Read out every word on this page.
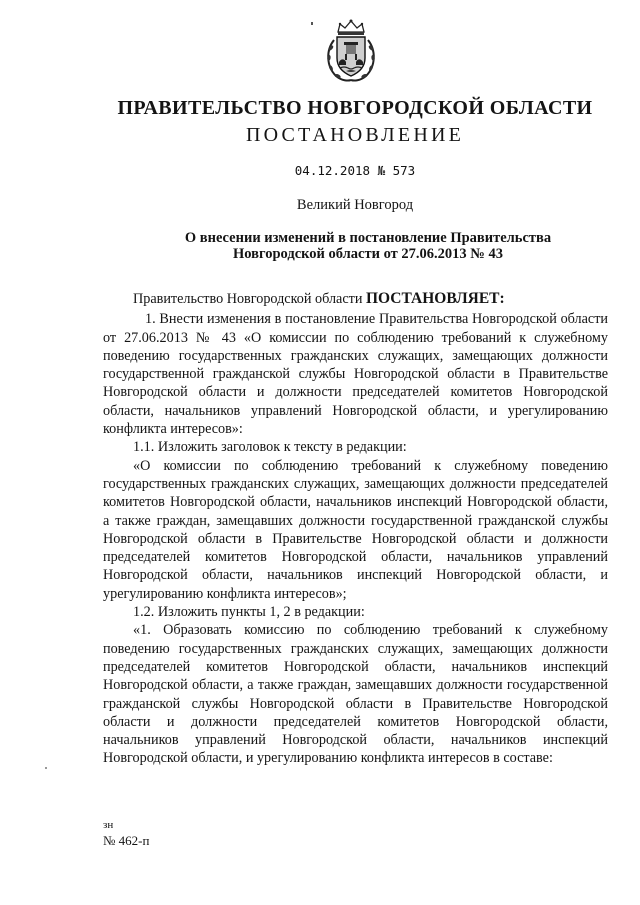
ПРАВИТЕЛЬСТВО НОВГОРОДСКОЙ ОБЛАСТИ
ПОСТАНОВЛЕНИЕ
04.12.2018 № 573
Великий Новгород
О внесении изменений в постановление Правительства
Новгородской области от 27.06.2013 № 43

Правительство Новгородской области ПОСТАНОВЛЯЕТ:

1. Внести изменения в постановление Правительства Новгородской области от 27.06.2013 № 43 «О комиссии по соблюдению требований к служебному поведению государственных гражданских служащих, замещающих должности государственной гражданской службы Новгородской области в Правительстве Новгородской области и должности председателей комитетов Новгородской области, начальников управлений Новгородской области, и урегулированию конфликта интересов»:

1.1. Изложить заголовок к тексту в редакции:

«О комиссии по соблюдению требований к служебному поведению государственных гражданских служащих, замещающих должности председателей комитетов Новгородской области, начальников инспекций Новгородской области, а также граждан, замещавших должности государственной гражданской службы Новгородской области в Правительстве Новгородской области и должности председателей комитетов Новгородской области, начальников управлений Новгородской области, начальников инспекций Новгородской области, и урегулированию конфликта интересов»;

1.2. Изложить пункты 1, 2 в редакции:

«1. Образовать комиссию по соблюдению требований к служебному поведению государственных гражданских служащих, замещающих должности председателей комитетов Новгородской области, начальников инспекций Новгородской области, а также граждан, замещавших должности государственной гражданской службы Новгородской области в Правительстве Новгородской области и должности председателей комитетов Новгородской области, начальников управлений Новгородской области, начальников инспекций Новгородской области, и урегулированию конфликта интересов в составе:

зн
№ 462-п
